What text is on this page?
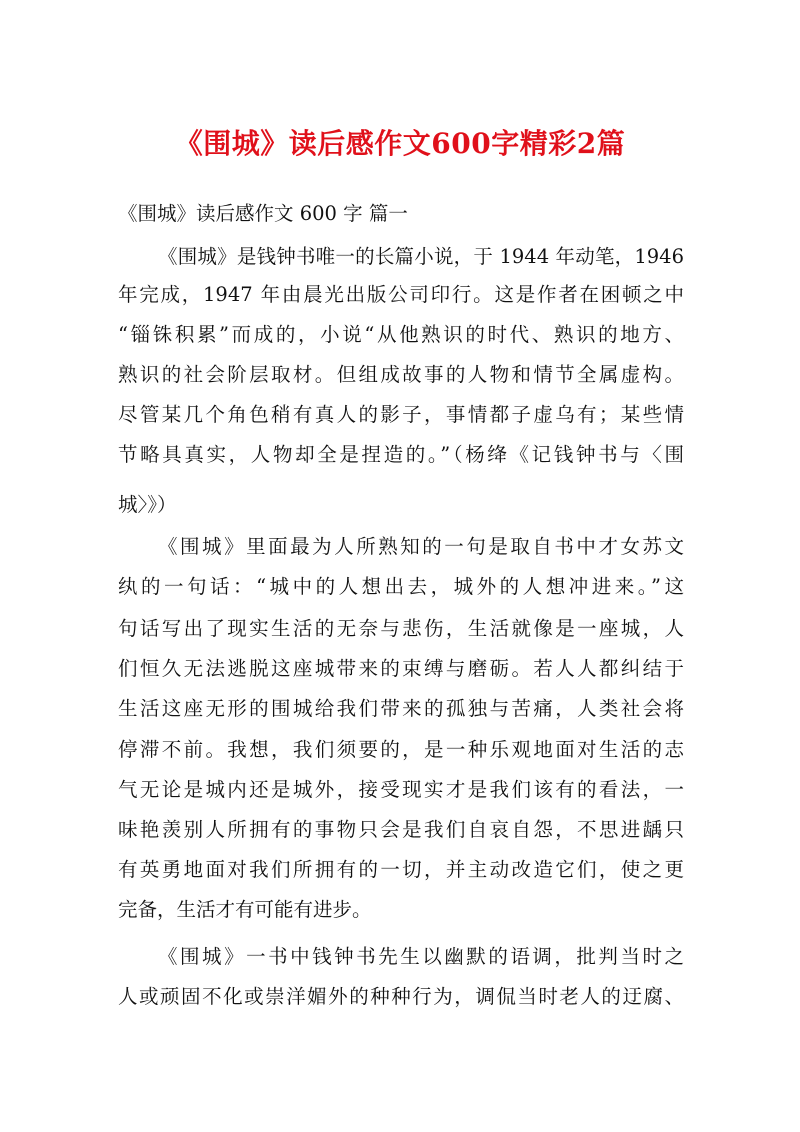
《围城》读后感作文600字精彩2篇

《围城》读后感作文 600 字 篇一

《围城》是钱钟书唯一的长篇小说，于 1944 年动笔，1946
年完成，1947 年由晨光出版公司印行。这是作者在困顿之中
“锱铢积累”而成的，小说“从他熟识的时代、熟识的地方、
熟识的社会阶层取材。但组成故事的人物和情节全属虚构。
尽管某几个角色稍有真人的影子，事情都子虚乌有；某些情
节略具真实，人物却全是捏造的。”（杨绛《记钱钟书与〈围
城〉》）
《围城》里面最为人所熟知的一句是取自书中才女苏文
纨的一句话：“城中的人想出去，城外的人想冲进来。”这
句话写出了现实生活的无奈与悲伤，生活就像是一座城，人
们恒久无法逃脱这座城带来的束缚与磨砺。若人人都纠结于
生活这座无形的围城给我们带来的孤独与苦痛，人类社会将
停滞不前。我想，我们须要的，是一种乐观地面对生活的志
气无论是城内还是城外，接受现实才是我们该有的看法，一
味艳羡别人所拥有的事物只会是我们自哀自怨，不思进龋只
有英勇地面对我们所拥有的一切，并主动改造它们，使之更
完备，生活才有可能有进步。
《围城》一书中钱钟书先生以幽默的语调，批判当时之
人或顽固不化或崇洋媚外的种种行为，调侃当时老人的迂腐、
